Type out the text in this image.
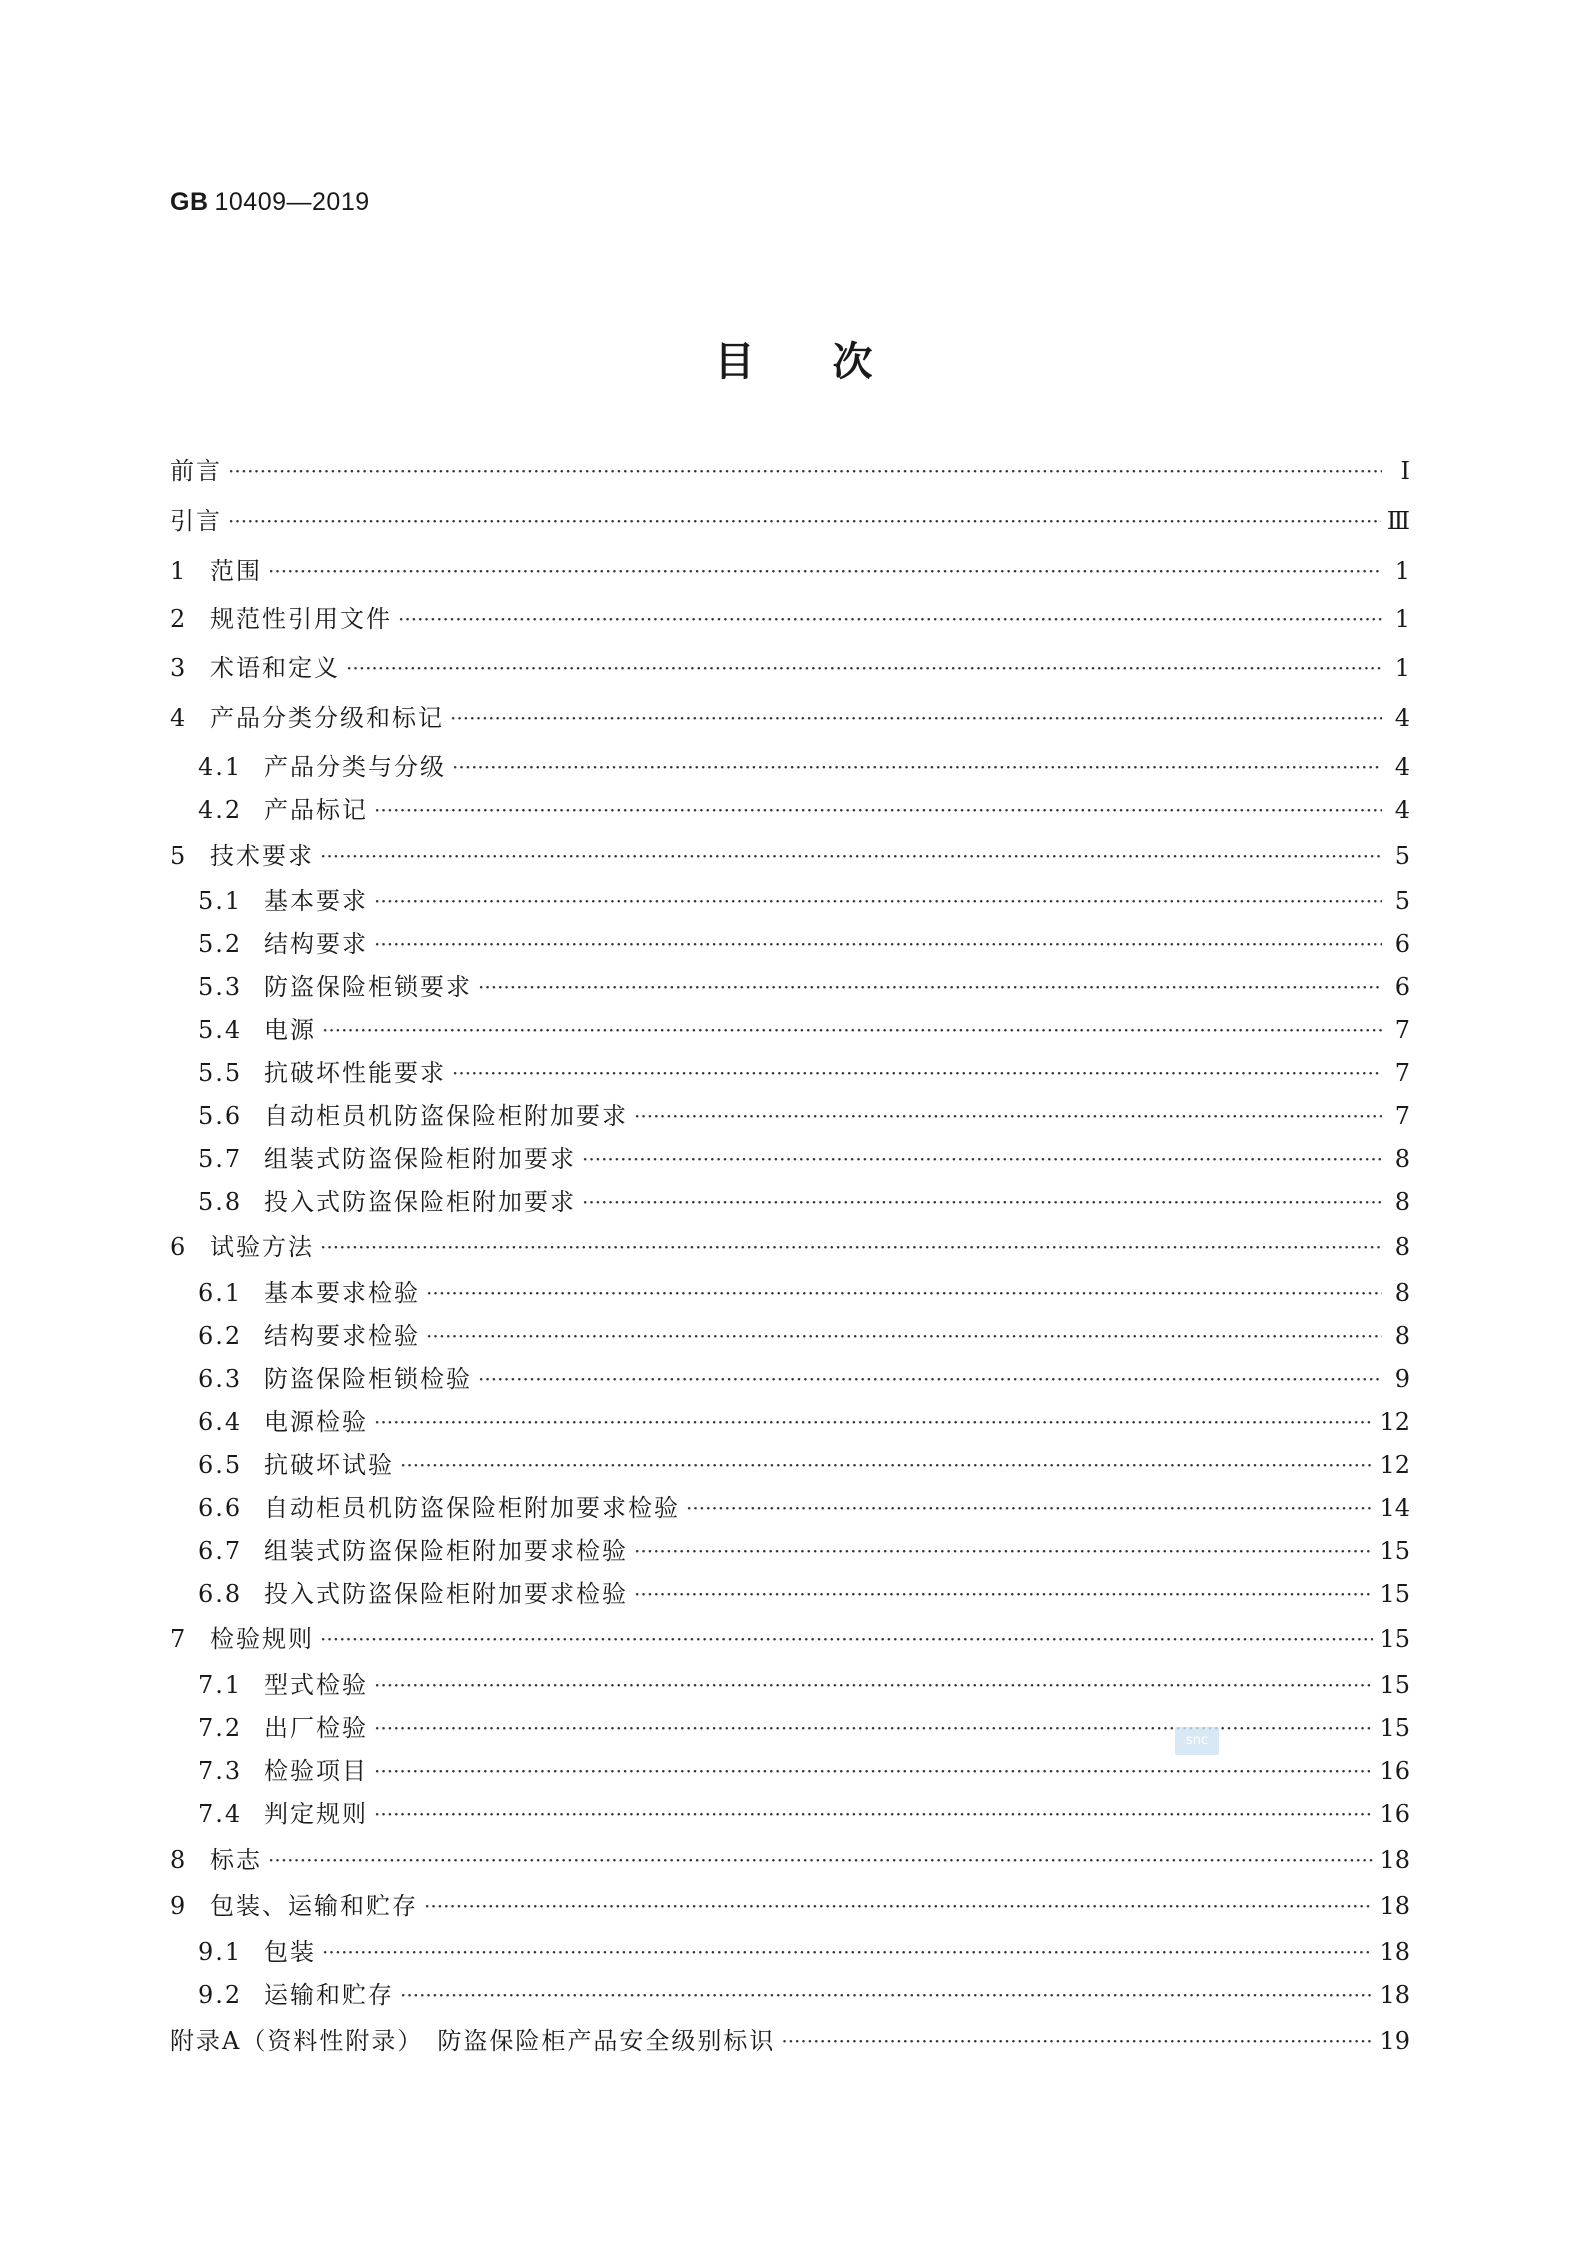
GB 10409—2019
目次
前言 ·····	Ⅰ
引言 ·····	Ⅲ
1 范围 ·····	1
2 规范性引用文件 ·····	1
3 术语和定义 ·····	1
4 产品分类分级和标记 ·····	4
4.1 产品分类与分级 ·····	4
4.2 产品标记 ·····	4
5 技术要求 ·····	5
5.1 基本要求 ·····	5
5.2 结构要求 ·····	6
5.3 防盗保险柜锁要求 ·····	6
5.4 电源 ·····	7
5.5 抗破坏性能要求 ·····	7
5.6 自动柜员机防盗保险柜附加要求 ·····	7
5.7 组装式防盗保险柜附加要求 ·····	8
5.8 投入式防盗保险柜附加要求 ·····	8
6 试验方法 ·····	8
6.1 基本要求检验 ·····	8
6.2 结构要求检验 ·····	8
6.3 防盗保险柜锁检验 ·····	9
6.4 电源检验 ·····	12
6.5 抗破坏试验 ·····	12
6.6 自动柜员机防盗保险柜附加要求检验 ·····	14
6.7 组装式防盗保险柜附加要求检验 ·····	15
6.8 投入式防盗保险柜附加要求检验 ·····	15
7 检验规则 ·····	15
7.1 型式检验 ·····	15
7.2 出厂检验 ·····	15
7.3 检验项目 ·····	16
7.4 判定规则 ·····	16
8 标志 ·····	18
9 包装、运输和贮存 ·····	18
9.1 包装 ·····	18
9.2 运输和贮存 ·····	18
附录A（资料性附录）　防盗保险柜产品安全级别标识 ·····	19
snc
